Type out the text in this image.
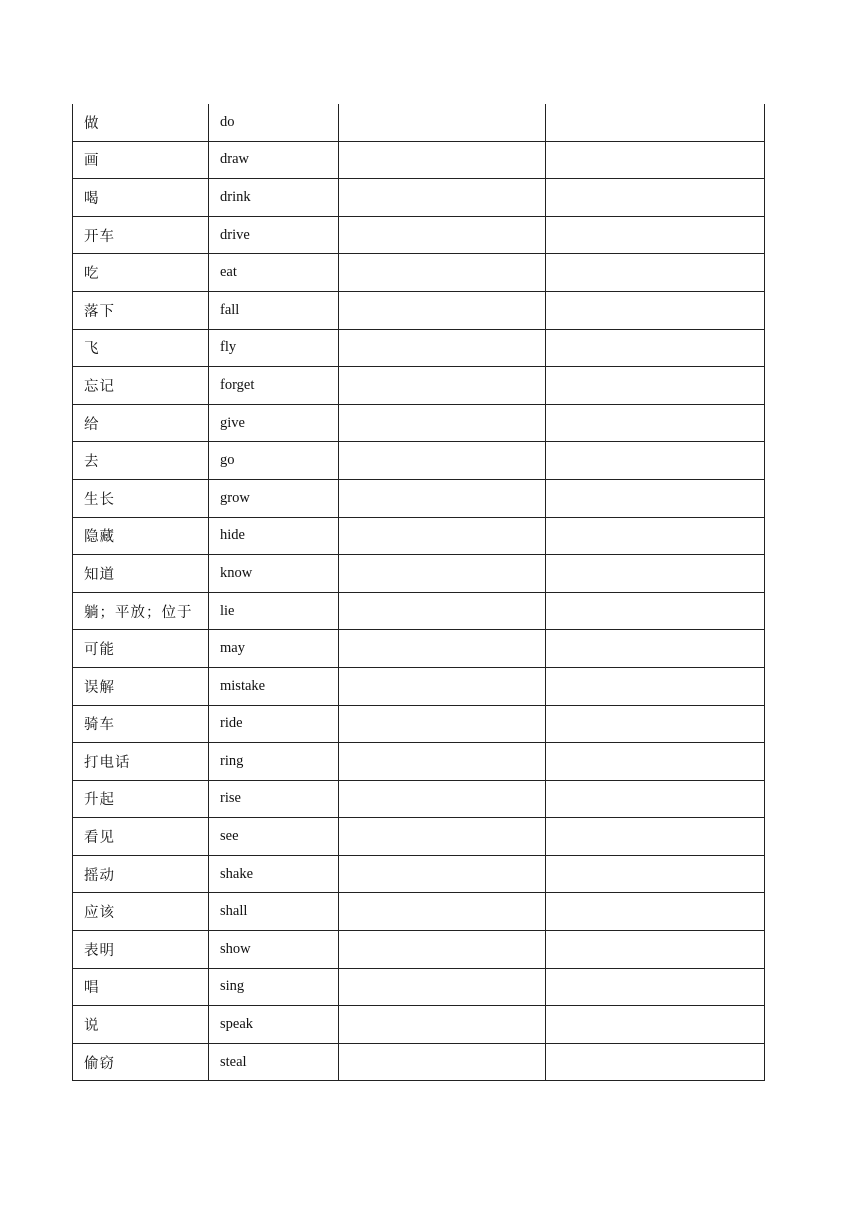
做	do		
画	draw		
喝	drink		
开车	drive		
吃	eat		
落下	fall		
飞	fly		
忘记	forget		
给	give		
去	go		
生长	grow		
隐藏	hide		
知道	know		
躺；平放；位于	lie		
可能	may		
误解	mistake		
骑车	ride		
打电话	ring		
升起	rise		
看见	see		
摇动	shake		
应该	shall		
表明	show		
唱	sing		
说	speak		
偷窃	steal		
